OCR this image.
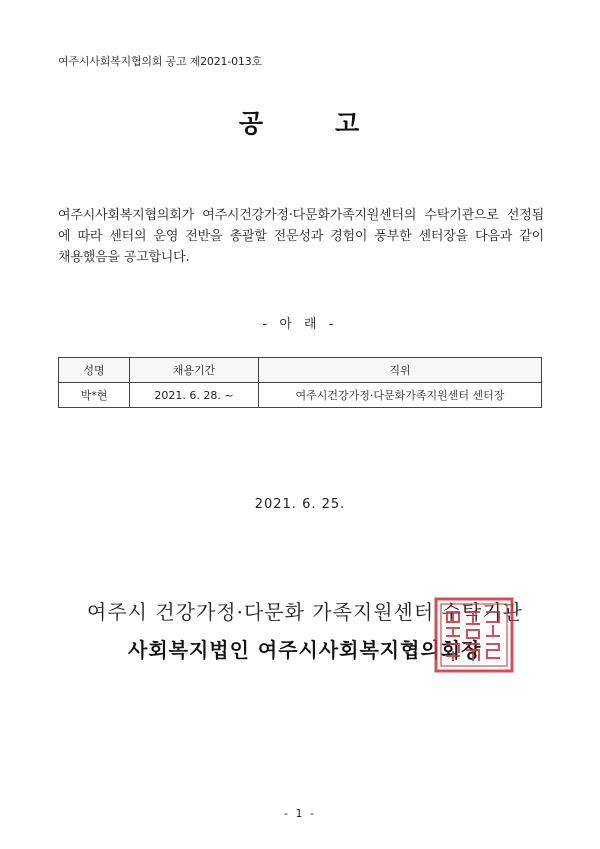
여주시사회복지협의회 공고 제2021-013호
공	고
여주시사회복지협의회가 여주시건강가정·다문화가족지원센터의 수탁기관으로 선정됨
에 따라 센터의 운영 전반을 총괄할 전문성과 경험이 풍부한 센터장을 다음과 같이
채용했음을 공고합니다.
- 아 래 -
성명	채용기간	직위
박*현	2021. 6. 28. ~	여주시건강가정·다문화가족지원센터 센터장
2021. 6. 25.
여주시 건강가정·다문화 가족지원센터 수탁기관
사회복지법인 여주시사회복지협의회장
- 1 -
